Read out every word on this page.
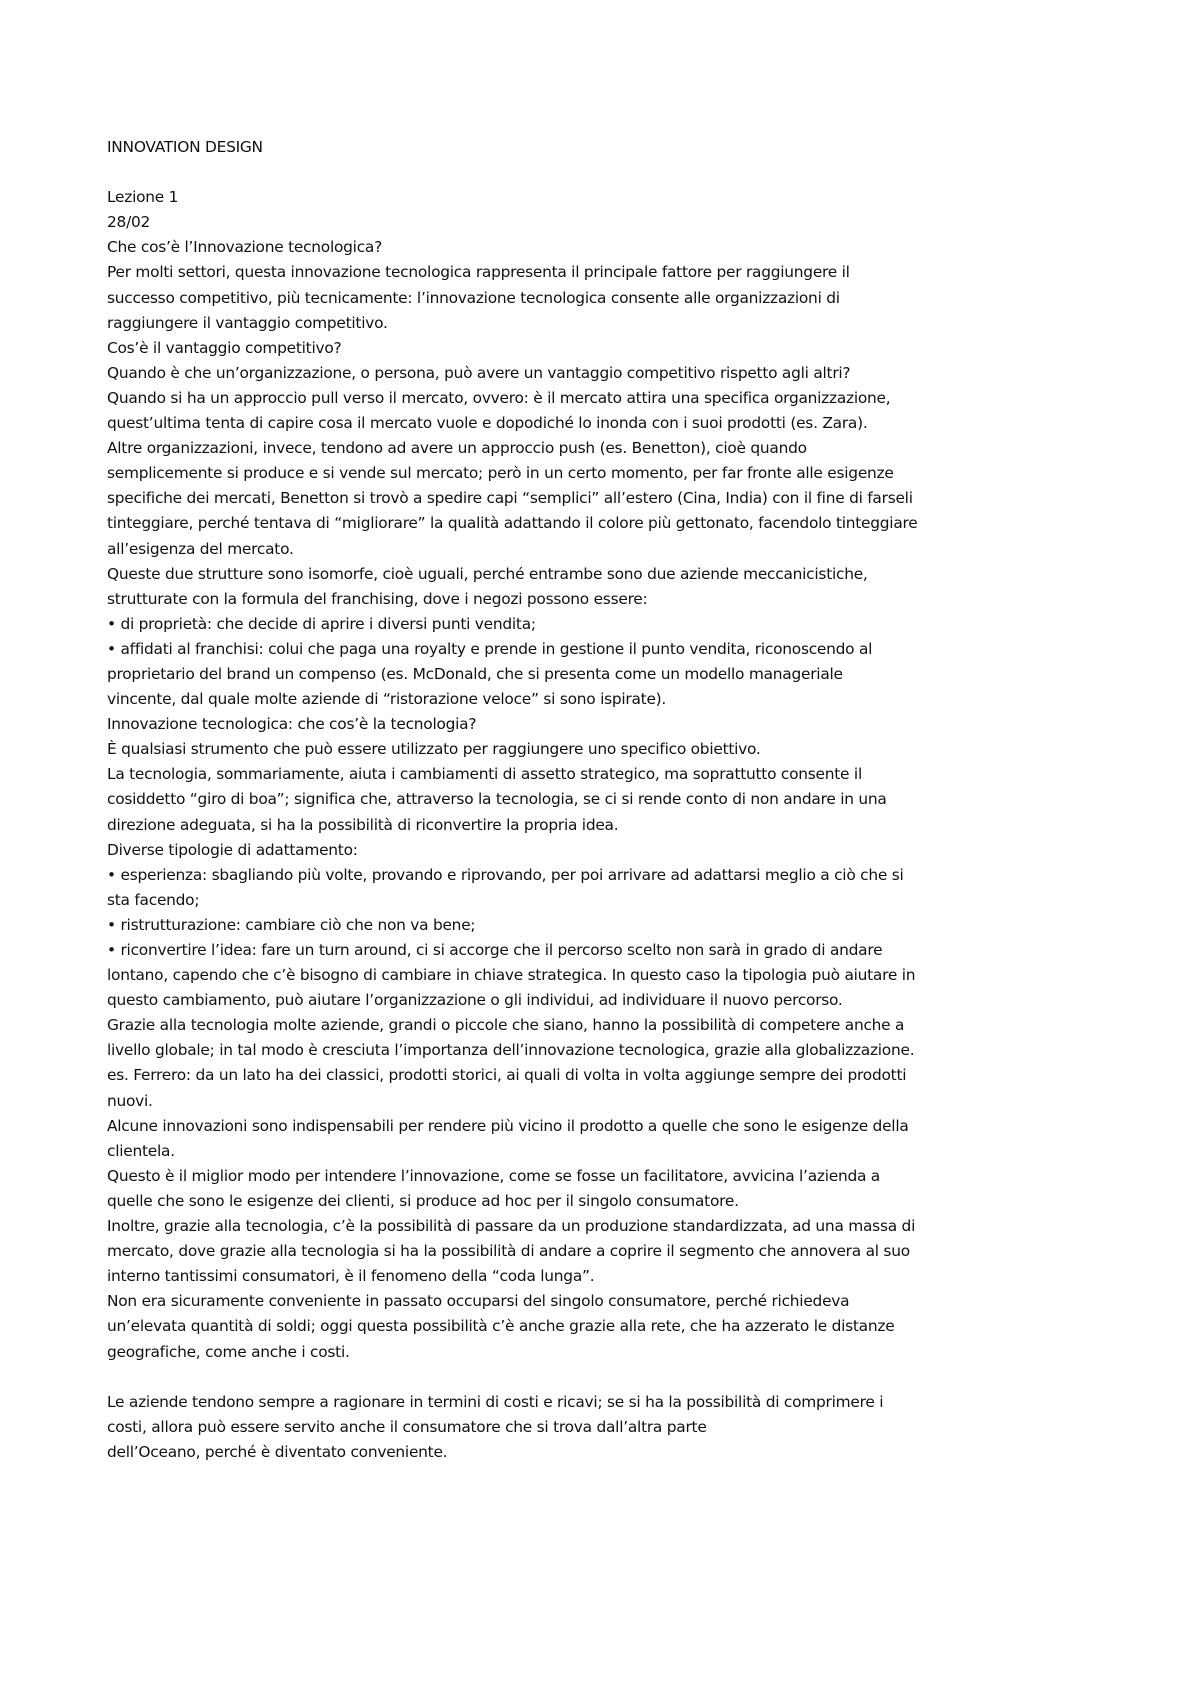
INNOVATION DESIGN
Lezione 1
28/02
Che cos’è l’Innovazione tecnologica?
Per molti settori, questa innovazione tecnologica rappresenta il principale fattore per raggiungere il
successo competitivo, più tecnicamente: l’innovazione tecnologica consente alle organizzazioni di
raggiungere il vantaggio competitivo.
Cos’è il vantaggio competitivo?
Quando è che un’organizzazione, o persona, può avere un vantaggio competitivo rispetto agli altri?
Quando si ha un approccio pull verso il mercato, ovvero: è il mercato attira una specifica organizzazione,
quest’ultima tenta di capire cosa il mercato vuole e dopodiché lo inonda con i suoi prodotti (es. Zara).
Altre organizzazioni, invece, tendono ad avere un approccio push (es. Benetton), cioè quando
semplicemente si produce e si vende sul mercato; però in un certo momento, per far fronte alle esigenze
specifiche dei mercati, Benetton si trovò a spedire capi “semplici” all’estero (Cina, India) con il fine di farseli
tinteggiare, perché tentava di “migliorare” la qualità adattando il colore più gettonato, facendolo tinteggiare
all’esigenza del mercato.
Queste due strutture sono isomorfe, cioè uguali, perché entrambe sono due aziende meccanicistiche,
strutturate con la formula del franchising, dove i negozi possono essere:
• di proprietà: che decide di aprire i diversi punti vendita;
• affidati al franchisi: colui che paga una royalty e prende in gestione il punto vendita, riconoscendo al
proprietario del brand un compenso (es. McDonald, che si presenta come un modello manageriale
vincente, dal quale molte aziende di “ristorazione veloce” si sono ispirate).
Innovazione tecnologica: che cos’è la tecnologia?
È qualsiasi strumento che può essere utilizzato per raggiungere uno specifico obiettivo.
La tecnologia, sommariamente, aiuta i cambiamenti di assetto strategico, ma soprattutto consente il
cosiddetto “giro di boa”; significa che, attraverso la tecnologia, se ci si rende conto di non andare in una
direzione adeguata, si ha la possibilità di riconvertire la propria idea.
Diverse tipologie di adattamento:
• esperienza: sbagliando più volte, provando e riprovando, per poi arrivare ad adattarsi meglio a ciò che si
sta facendo;
• ristrutturazione: cambiare ciò che non va bene;
• riconvertire l’idea: fare un turn around, ci si accorge che il percorso scelto non sarà in grado di andare
lontano, capendo che c’è bisogno di cambiare in chiave strategica. In questo caso la tipologia può aiutare in
questo cambiamento, può aiutare l’organizzazione o gli individui, ad individuare il nuovo percorso.
Grazie alla tecnologia molte aziende, grandi o piccole che siano, hanno la possibilità di competere anche a
livello globale; in tal modo è cresciuta l’importanza dell’innovazione tecnologica, grazie alla globalizzazione.
es. Ferrero: da un lato ha dei classici, prodotti storici, ai quali di volta in volta aggiunge sempre dei prodotti
nuovi.
Alcune innovazioni sono indispensabili per rendere più vicino il prodotto a quelle che sono le esigenze della
clientela.
Questo è il miglior modo per intendere l’innovazione, come se fosse un facilitatore, avvicina l’azienda a
quelle che sono le esigenze dei clienti, si produce ad hoc per il singolo consumatore.
Inoltre, grazie alla tecnologia, c’è la possibilità di passare da un produzione standardizzata, ad una massa di
mercato, dove grazie alla tecnologia si ha la possibilità di andare a coprire il segmento che annovera al suo
interno tantissimi consumatori, è il fenomeno della “coda lunga”.
Non era sicuramente conveniente in passato occuparsi del singolo consumatore, perché richiedeva
un’elevata quantità di soldi; oggi questa possibilità c’è anche grazie alla rete, che ha azzerato le distanze
geografiche, come anche i costi.
Le aziende tendono sempre a ragionare in termini di costi e ricavi; se si ha la possibilità di comprimere i
costi, allora può essere servito anche il consumatore che si trova dall’altra parte
dell’Oceano, perché è diventato conveniente.
